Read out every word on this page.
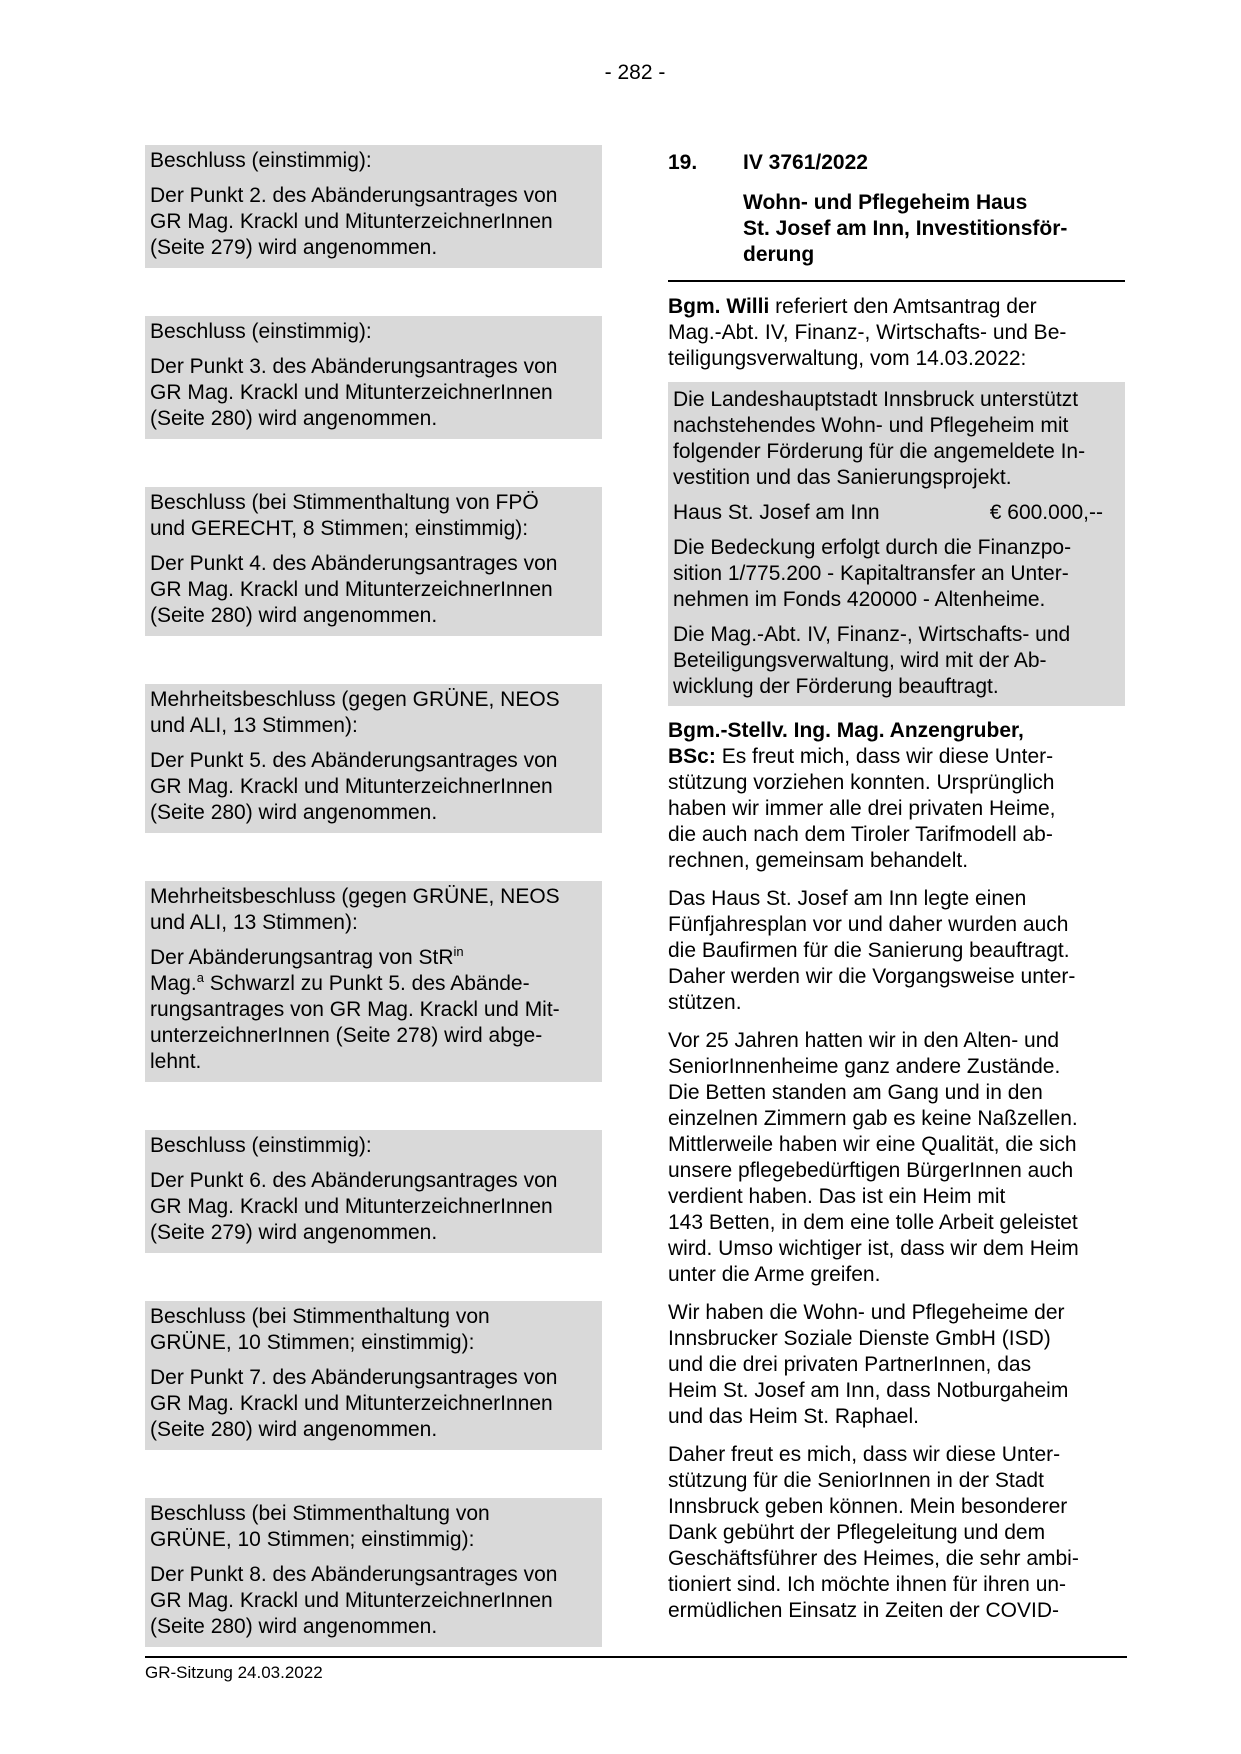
- 282 -

Beschluss (einstimmig):

Der Punkt 2. des Abänderungsantrages von
GR Mag. Krackl und MitunterzeichnerInnen
(Seite 279) wird angenommen.

Beschluss (einstimmig):

Der Punkt 3. des Abänderungsantrages von
GR Mag. Krackl und MitunterzeichnerInnen
(Seite 280) wird angenommen.

Beschluss (bei Stimmenthaltung von FPÖ
und GERECHT, 8 Stimmen; einstimmig):

Der Punkt 4. des Abänderungsantrages von
GR Mag. Krackl und MitunterzeichnerInnen
(Seite 280) wird angenommen.

Mehrheitsbeschluss (gegen GRÜNE, NEOS
und ALI, 13 Stimmen):

Der Punkt 5. des Abänderungsantrages von
GR Mag. Krackl und MitunterzeichnerInnen
(Seite 280) wird angenommen.

Mehrheitsbeschluss (gegen GRÜNE, NEOS
und ALI, 13 Stimmen):

Der Abänderungsantrag von StR$^{in}$
Mag.$^a$ Schwarzl zu Punkt 5. des Abände-
rungsantrages von GR Mag. Krackl und Mit-
unterzeichnerInnen (Seite 278) wird abge-
lehnt.

Beschluss (einstimmig):

Der Punkt 6. des Abänderungsantrages von
GR Mag. Krackl und MitunterzeichnerInnen
(Seite 279) wird angenommen.

Beschluss (bei Stimmenthaltung von
GRÜNE, 10 Stimmen; einstimmig):

Der Punkt 7. des Abänderungsantrages von
GR Mag. Krackl und MitunterzeichnerInnen
(Seite 280) wird angenommen.

Beschluss (bei Stimmenthaltung von
GRÜNE, 10 Stimmen; einstimmig):

Der Punkt 8. des Abänderungsantrages von
GR Mag. Krackl und MitunterzeichnerInnen
(Seite 280) wird angenommen.

19.	IV 3761/2022

Wohn- und Pflegeheim Haus
St. Josef am Inn, Investitionsför-
derung

Bgm. Willi referiert den Amtsantrag der
Mag.-Abt. IV, Finanz-, Wirtschafts- und Be-
teiligungsverwaltung, vom 14.03.2022:

Die Landeshauptstadt Innsbruck unterstützt
nachstehendes Wohn- und Pflegeheim mit
folgender Förderung für die angemeldete In-
vestition und das Sanierungsprojekt.

Haus St. Josef am Inn	€ 600.000,--

Die Bedeckung erfolgt durch die Finanzpo-
sition 1/775.200 - Kapitaltransfer an Unter-
nehmen im Fonds 420000 - Altenheime.

Die Mag.-Abt. IV, Finanz-, Wirtschafts- und
Beteiligungsverwaltung, wird mit der Ab-
wicklung der Förderung beauftragt.

Bgm.-Stellv. Ing. Mag. Anzengruber,
BSc: Es freut mich, dass wir diese Unter-
stützung vorziehen konnten. Ursprünglich
haben wir immer alle drei privaten Heime,
die auch nach dem Tiroler Tarifmodell ab-
rechnen, gemeinsam behandelt.

Das Haus St. Josef am Inn legte einen
Fünfjahresplan vor und daher wurden auch
die Baufirmen für die Sanierung beauftragt.
Daher werden wir die Vorgangsweise unter-
stützen.

Vor 25 Jahren hatten wir in den Alten- und
SeniorInnenheime ganz andere Zustände.
Die Betten standen am Gang und in den
einzelnen Zimmern gab es keine Naßzellen.
Mittlerweile haben wir eine Qualität, die sich
unsere pflegebedürftigen BürgerInnen auch
verdient haben. Das ist ein Heim mit
143 Betten, in dem eine tolle Arbeit geleistet
wird. Umso wichtiger ist, dass wir dem Heim
unter die Arme greifen.

Wir haben die Wohn- und Pflegeheime der
Innsbrucker Soziale Dienste GmbH (ISD)
und die drei privaten PartnerInnen, das
Heim St. Josef am Inn, dass Notburgaheim
und das Heim St. Raphael.

Daher freut es mich, dass wir diese Unter-
stützung für die SeniorInnen in der Stadt
Innsbruck geben können. Mein besonderer
Dank gebührt der Pflegeleitung und dem
Geschäftsführer des Heimes, die sehr ambi-
tioniert sind. Ich möchte ihnen für ihren un-
ermüdlichen Einsatz in Zeiten der COVID-

GR-Sitzung 24.03.2022
